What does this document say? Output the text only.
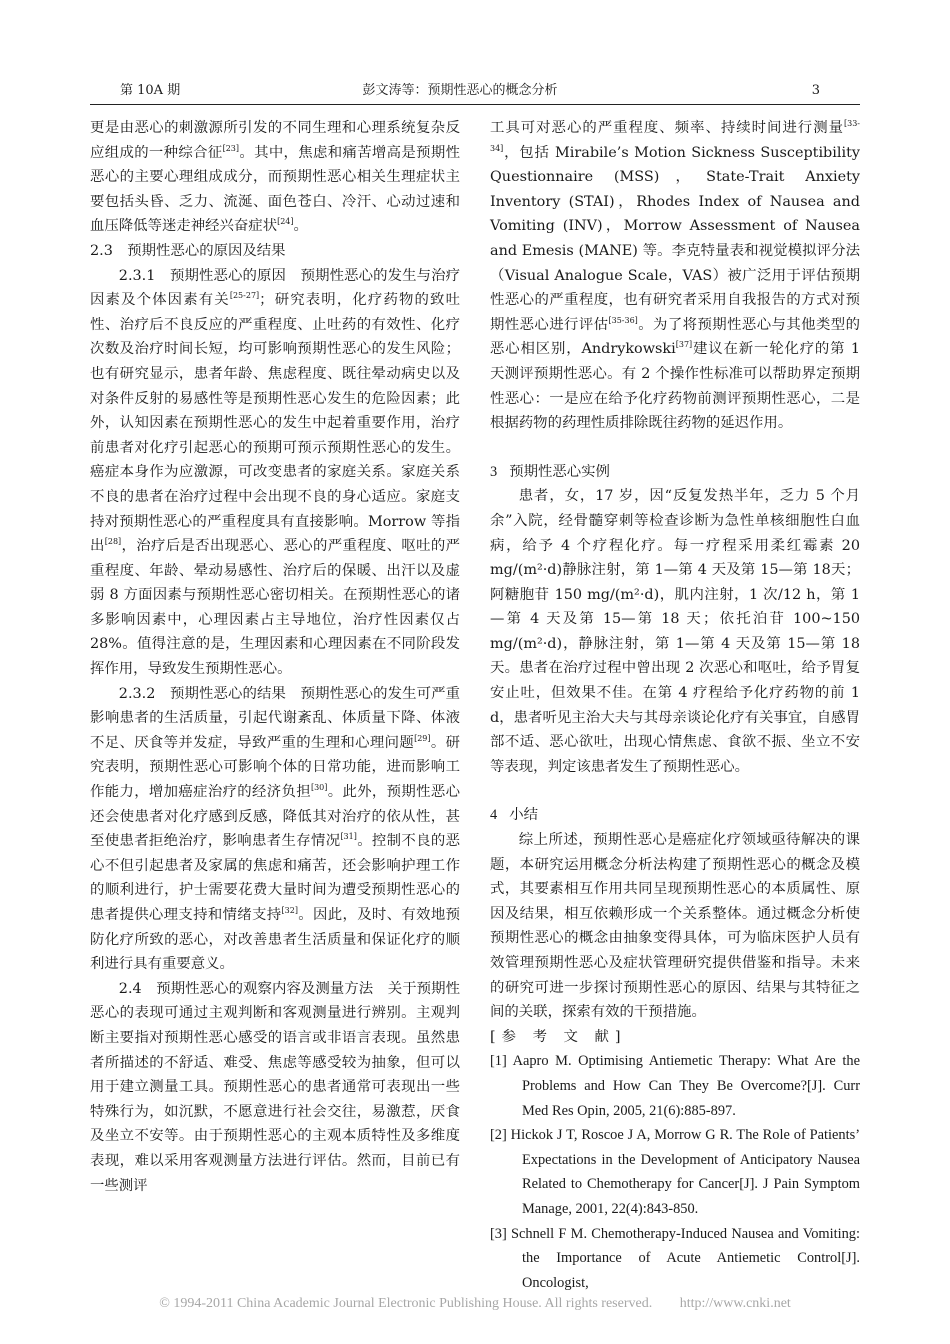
第 10A 期	彭文涛等：预期性恶心的概念分析	3

更是由恶心的刺激源所引发的不同生理和心理系统复杂反应组成的一种综合征[23]。其中，焦虑和痛苦增高是预期性恶心的主要心理组成成分，而预期性恶心相关生理症状主要包括头昏、乏力、流涎、面色苍白、冷汗、心动过速和血压降低等迷走神经兴奋症状[24]。

2.3　预期性恶心的原因及结果

2.3.1　预期性恶心的原因　预期性恶心的发生与治疗因素及个体因素有关[25-27]；研究表明，化疗药物的致吐性、治疗后不良反应的严重程度、止吐药的有效性、化疗次数及治疗时间长短，均可影响预期性恶心的发生风险；也有研究显示，患者年龄、焦虑程度、既往晕动病史以及对条件反射的易感性等是预期性恶心发生的危险因素；此外，认知因素在预期性恶心的发生中起着重要作用，治疗前患者对化疗引起恶心的预期可预示预期性恶心的发生。癌症本身作为应激源，可改变患者的家庭关系。家庭关系不良的患者在治疗过程中会出现不良的身心适应。家庭支持对预期性恶心的严重程度具有直接影响。Morrow 等指出[28]，治疗后是否出现恶心、恶心的严重程度、呕吐的严重程度、年龄、晕动易感性、治疗后的保暖、出汗以及虚弱 8 方面因素与预期性恶心密切相关。在预期性恶心的诸多影响因素中，心理因素占主导地位，治疗性因素仅占 28%。值得注意的是，生理因素和心理因素在不同阶段发挥作用，导致发生预期性恶心。

2.3.2　预期性恶心的结果　预期性恶心的发生可严重影响患者的生活质量，引起代谢紊乱、体质量下降、体液不足、厌食等并发症，导致严重的生理和心理问题[29]。研究表明，预期性恶心可影响个体的日常功能，进而影响工作能力，增加癌症治疗的经济负担[30]。此外，预期性恶心还会使患者对化疗感到反感，降低其对治疗的依从性，甚至使患者拒绝治疗，影响患者生存情况[31]。控制不良的恶心不但引起患者及家属的焦虑和痛苦，还会影响护理工作的顺利进行，护士需要花费大量时间为遭受预期性恶心的患者提供心理支持和情绪支持[32]。因此，及时、有效地预防化疗所致的恶心，对改善患者生活质量和保证化疗的顺利进行具有重要意义。

2.4　预期性恶心的观察内容及测量方法　关于预期性恶心的表现可通过主观判断和客观测量进行辨别。主观判断主要指对预期性恶心感受的语言或非语言表现。虽然患者所描述的不舒适、难受、焦虑等感受较为抽象，但可以用于建立测量工具。预期性恶心的患者通常可表现出一些特殊行为，如沉默，不愿意进行社会交往，易激惹，厌食及坐立不安等。由于预期性恶心的主观本质特性及多维度表现，难以采用客观测量方法进行评估。然而，目前已有一些测评

工具可对恶心的严重程度、频率、持续时间进行测量[33-34]，包括 Mirabile’s Motion Sickness Susceptibility Questionnaire (MSS)，State-Trait Anxiety Inventory (STAI)，Rhodes Index of Nausea and Vomiting (INV)，Morrow Assessment of Nausea and Emesis (MANE) 等。李克特量表和视觉模拟评分法（Visual Analogue Scale，VAS）被广泛用于评估预期性恶心的严重程度，也有研究者采用自我报告的方式对预期性恶心进行评估[35-36]。为了将预期性恶心与其他类型的恶心相区别，Andrykowski[37]建议在新一轮化疗的第 1 天测评预期性恶心。有 2 个操作性标准可以帮助界定预期性恶心：一是应在给予化疗药物前测评预期性恶心，二是根据药物的药理性质排除既往药物的延迟作用。

3 预期性恶心实例

患者，女，17 岁，因“反复发热半年，乏力 5 个月余”入院，经骨髓穿刺等检查诊断为急性单核细胞性白血病，给予 4 个疗程化疗。每一疗程采用柔红霉素 20 mg/(m²·d)静脉注射，第 1—第 4 天及第 15—第 18天；阿糖胞苷 150 mg/(m²·d)，肌内注射，1 次/12 h，第 1—第 4 天及第 15—第 18 天；依托泊苷 100~150 mg/(m²·d)，静脉注射，第 1—第 4 天及第 15—第 18 天。患者在治疗过程中曾出现 2 次恶心和呕吐，给予胃复安止吐，但效果不佳。在第 4 疗程给予化疗药物的前 1 d，患者听见主治大夫与其母亲谈论化疗有关事宜，自感胃部不适、恶心欲吐，出现心情焦虑、食欲不振、坐立不安等表现，判定该患者发生了预期性恶心。

4 小结

综上所述，预期性恶心是癌症化疗领域亟待解决的课题，本研究运用概念分析法构建了预期性恶心的概念及模式，其要素相互作用共同呈现预期性恶心的本质属性、原因及结果，相互依赖形成一个关系整体。通过概念分析使预期性恶心的概念由抽象变得具体，可为临床医护人员有效管理预期性恶心及症状管理研究提供借鉴和指导。未来的研究可进一步探讨预期性恶心的原因、结果与其特征之间的关联，探索有效的干预措施。

[参 考 文 献]

[1] Aapro M. Optimising Antiemetic Therapy: What Are the Problems and How Can They Be Overcome?[J]. Curr Med Res Opin, 2005, 21(6):885-897.

[2] Hickok J T, Roscoe J A, Morrow G R. The Role of Patients’ Expectations in the Development of Anticipatory Nausea Related to Chemotherapy for Cancer[J]. J Pain Symptom Manage, 2001, 22(4):843-850.

[3] Schnell F M. Chemotherapy-Induced Nausea and Vomiting: the Importance of Acute Antiemetic Control[J]. Oncologist,

© 1994-2011 China Academic Journal Electronic Publishing House. All rights reserved. http://www.cnki.net
